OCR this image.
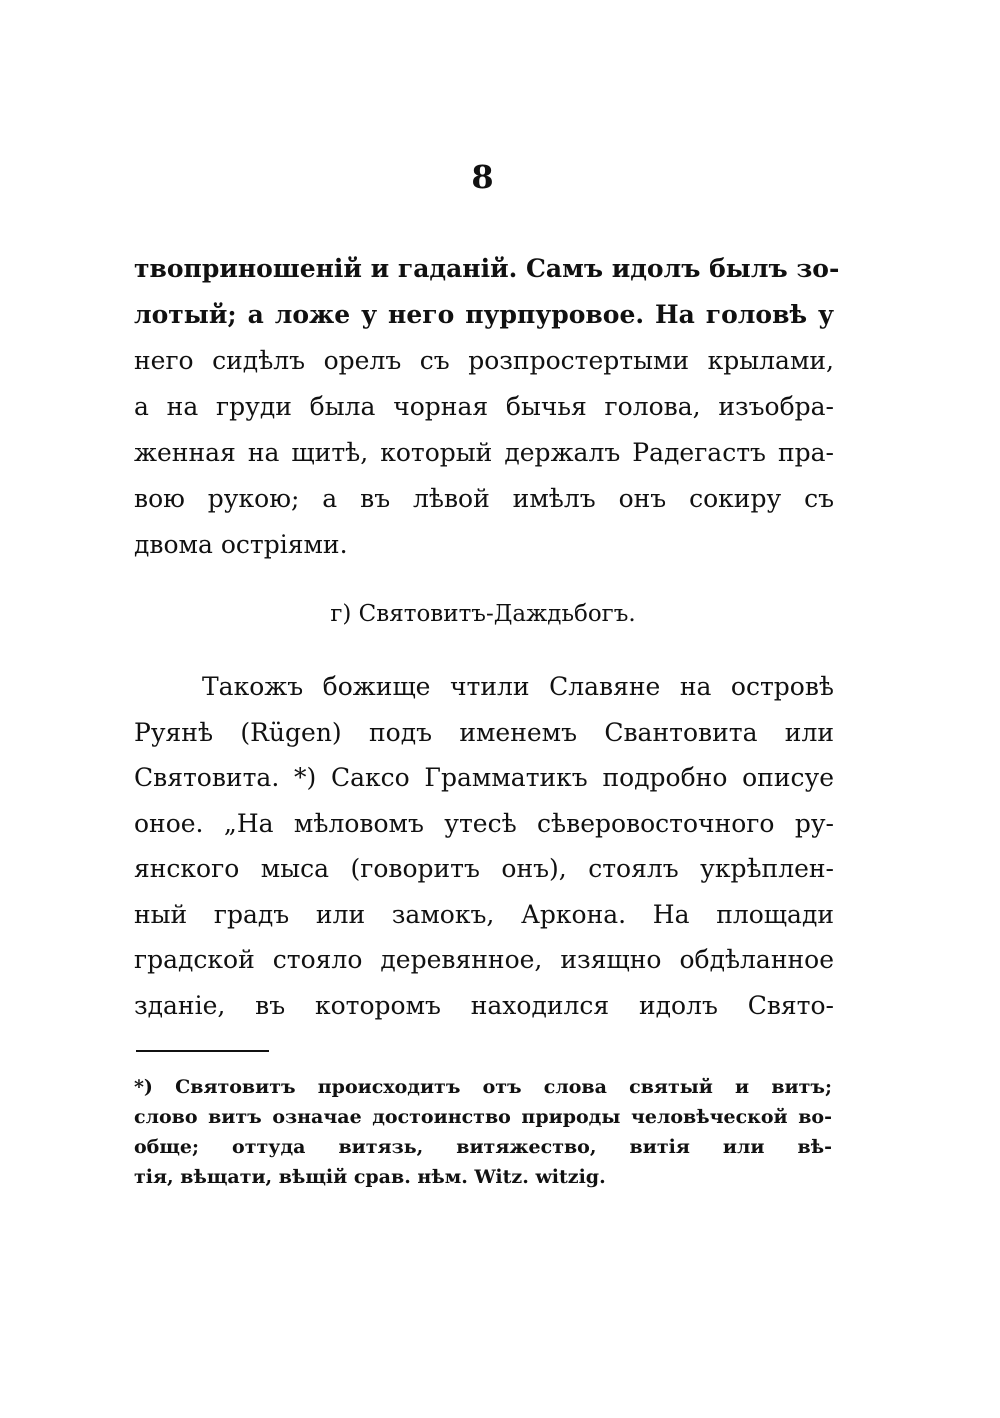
8
твоприношеній и гаданій. Самъ идолъ былъ зо-
лотый; а ложе у него пурпуровое. На головѣ у
него сидѣлъ орелъ съ розпростертыми крылами,
а на груди была чорная бычья голова, изъобра-
женная на щитѣ, который держалъ Радегастъ пра-
вою рукою; а въ лѣвой имѣлъ онъ сокиру съ
двома остріями.
г) Святовитъ-Даждьбогъ.
Такожъ божище чтили Славяне на островѣ
Руянѣ (Rügen) подъ именемъ Свантовита или
Святовита. *) Саксо Грамматикъ подробно описуе
оное. „На мѣловомъ утесѣ сѣверовосточного ру-
янского мыса (говоритъ онъ), стоялъ укрѣплен-
ный градъ или замокъ, Аркона. На площади
градской стояло деревянное, изящно обдѣланное
зданіе, въ которомъ находился идолъ Свято-
*) Святовитъ происходитъ отъ слова святый и витъ;
слово витъ означае достоинство природы человѣческой во-
обще; оттуда витязь, витяжество, витія или вѣ-
тія, вѣщати, вѣщій срав. нѣм. Witz. witzig.
